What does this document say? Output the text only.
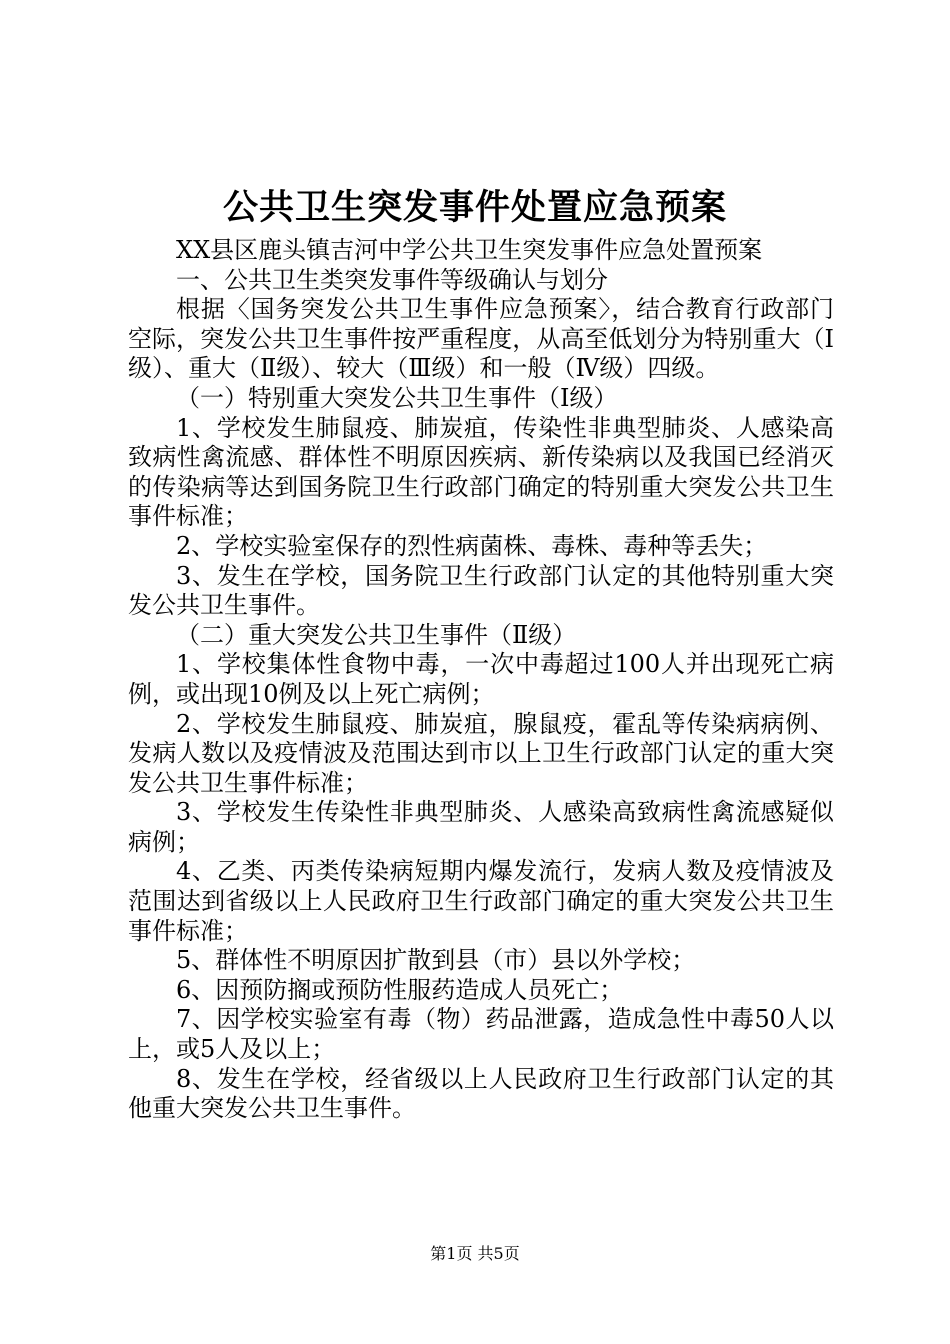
公共卫生突发事件处置应急预案

XX县区鹿头镇吉河中学公共卫生突发事件应急处置预案

一、公共卫生类突发事件等级确认与划分

根据〈国务突发公共卫生事件应急预案〉，结合教育行政部门空际，突发公共卫生事件按严重程度，从高至低划分为特别重大（Ⅰ级）、重大（Ⅱ级）、较大（Ⅲ级）和一般（Ⅳ级）四级。

（一）特别重大突发公共卫生事件（Ⅰ级）

1、学校发生肺鼠疫、肺炭疽，传染性非典型肺炎、人感染高致病性禽流感、群体性不明原因疾病、新传染病以及我国已经消灭的传染病等达到国务院卫生行政部门确定的特别重大突发公共卫生事件标准；

2、学校实验室保存的烈性病菌株、毒株、毒种等丢失；

3、发生在学校，国务院卫生行政部门认定的其他特别重大突发公共卫生事件。

（二）重大突发公共卫生事件（Ⅱ级）

1、学校集体性食物中毒，一次中毒超过100人并出现死亡病例，或出现10例及以上死亡病例；

2、学校发生肺鼠疫、肺炭疽，腺鼠疫，霍乱等传染病病例、发病人数以及疫情波及范围达到市以上卫生行政部门认定的重大突发公共卫生事件标准；

3、学校发生传染性非典型肺炎、人感染高致病性禽流感疑似病例；

4、乙类、丙类传染病短期内爆发流行，发病人数及疫情波及范围达到省级以上人民政府卫生行政部门确定的重大突发公共卫生事件标准；

5、群体性不明原因扩散到县（市）县以外学校；

6、因预防搁或预防性服药造成人员死亡；

7、因学校实验室有毒（物）药品泄露，造成急性中毒50人以上，或5人及以上；

8、发生在学校，经省级以上人民政府卫生行政部门认定的其他重大突发公共卫生事件。

第1页 共5页
